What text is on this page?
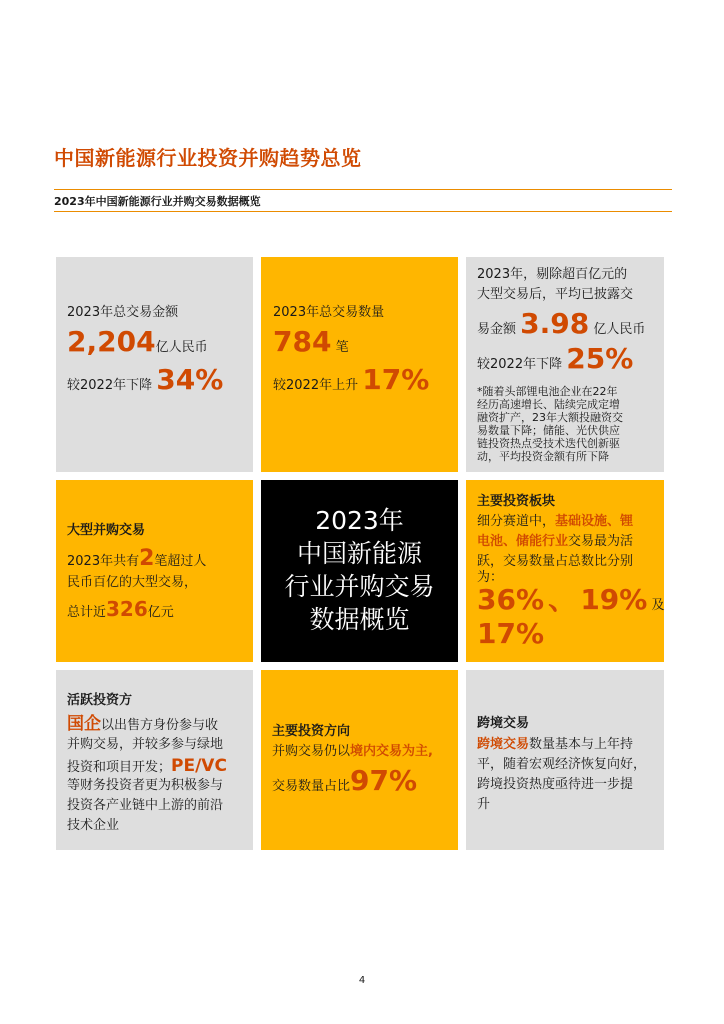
中国新能源行业投资并购趋势总览
2023年中国新能源行业并购交易数据概览
2023年总交易金额
2,204亿人民币
较2022年下降 34%
2023年总交易数量
784 笔
较2022年上升 17%
2023年，剔除超百亿元的
大型交易后，平均已披露交
易金额 3.98 亿人民币
较2022年下降 25%
*随着头部锂电池企业在22年
经历高速增长、陆续完成定增
融资扩产，23年大额投融资交
易数量下降；储能、光伏供应
链投资热点受技术迭代创新驱
动，平均投资金额有所下降
大型并购交易
2023年共有2笔超过人
民币百亿的大型交易，
总计近326亿元
2023年
中国新能源
行业并购交易
数据概览
主要投资板块
细分赛道中，基础设施、锂
电池、储能行业交易最为活
跃，交易数量占总数比分别
为：
36% 、 19% 及
17%
活跃投资方
国企以出售方身份参与收
并购交易，并较多参与绿地
投资和项目开发；PE/VC
等财务投资者更为积极参与
投资各产业链中上游的前沿
技术企业
主要投资方向
并购交易仍以境内交易为主,
交易数量占比97%
跨境交易
跨境交易数量基本与上年持
平，随着宏观经济恢复向好，
跨境投资热度亟待进一步提
升
4
